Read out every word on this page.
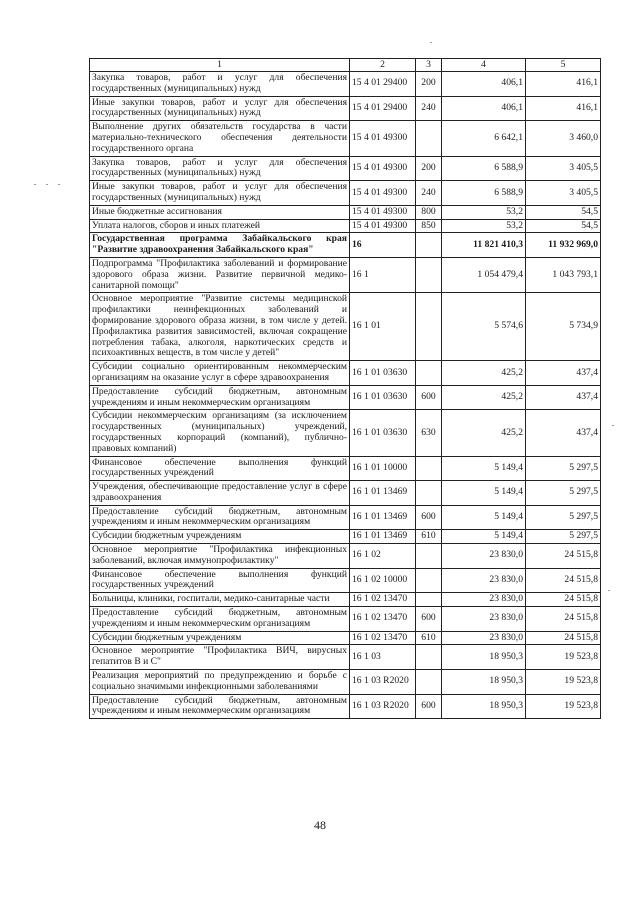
1	2	3	4	5
Закупка товаров, работ и услуг для обеспечения государственных (муниципальных) нужд	15 4 01 29400	200	406,1	416,1
Иные закупки товаров, работ и услуг для обеспечения государственных (муниципальных) нужд	15 4 01 29400	240	406,1	416,1
Выполнение других обязательств государства в части материально-технического обеспечения деятельности государственного органа	15 4 01 49300		6 642,1	3 460,0
Закупка товаров, работ и услуг для обеспечения государственных (муниципальных) нужд	15 4 01 49300	200	6 588,9	3 405,5
Иные закупки товаров, работ и услуг для обеспечения государственных (муниципальных) нужд	15 4 01 49300	240	6 588,9	3 405,5
Иные бюджетные ассигнования	15 4 01 49300	800	53,2	54,5
Уплата налогов, сборов и иных платежей	15 4 01 49300	850	53,2	54,5
Государственная программа Забайкальского края "Развитие здравоохранения Забайкальского края"	16		11 821 410,3	11 932 969,0
Подпрограмма "Профилактика заболеваний и формирование здорового образа жизни. Развитие первичной медико-санитарной помощи"	16 1		1 054 479,4	1 043 793,1
Основное мероприятие "Развитие системы медицинской профилактики неинфекционных заболеваний и формирование здорового образа жизни, в том числе у детей. Профилактика развития зависимостей, включая сокращение потребления табака, алкоголя, наркотических средств и психоактивных веществ, в том числе у детей"	16 1 01		5 574,6	5 734,9
Субсидии социально ориентированным некоммерческим организациям на оказание услуг в сфере здравоохранения	16 1 01 03630		425,2	437,4
Предоставление субсидий бюджетным, автономным учреждениям и иным некоммерческим организациям	16 1 01 03630	600	425,2	437,4
Субсидии некоммерческим организациям (за исключением государственных (муниципальных) учреждений, государственных корпораций (компаний), публично-правовых компаний)	16 1 01 03630	630	425,2	437,4
Финансовое обеспечение выполнения функций государственных учреждений	16 1 01 10000		5 149,4	5 297,5
Учреждения, обеспечивающие предоставление услуг в сфере здравоохранения	16 1 01 13469		5 149,4	5 297,5
Предоставление субсидий бюджетным, автономным учреждениям и иным некоммерческим организациям	16 1 01 13469	600	5 149,4	5 297,5
Субсидии бюджетным учреждениям	16 1 01 13469	610	5 149,4	5 297,5
Основное мероприятие "Профилактика инфекционных заболеваний, включая иммунопрофилактику"	16 1 02		23 830,0	24 515,8
Финансовое обеспечение выполнения функций государственных учреждений	16 1 02 10000		23 830,0	24 515,8
Больницы, клиники, госпитали, медико-санитарные части	16 1 02 13470		23 830,0	24 515,8
Предоставление субсидий бюджетным, автономным учреждениям и иным некоммерческим организациям	16 1 02 13470	600	23 830,0	24 515,8
Субсидии бюджетным учреждениям	16 1 02 13470	610	23 830,0	24 515,8
Основное мероприятие "Профилактика ВИЧ, вирусных гепатитов В и С"	16 1 03		18 950,3	19 523,8
Реализация мероприятий по предупреждению и борьбе с социально значимыми инфекционными заболеваниями	16 1 03 R2020		18 950,3	19 523,8
Предоставление субсидий бюджетным, автономным учреждениям и иным некоммерческим организациям	16 1 03 R2020	600	18 950,3	19 523,8
48
